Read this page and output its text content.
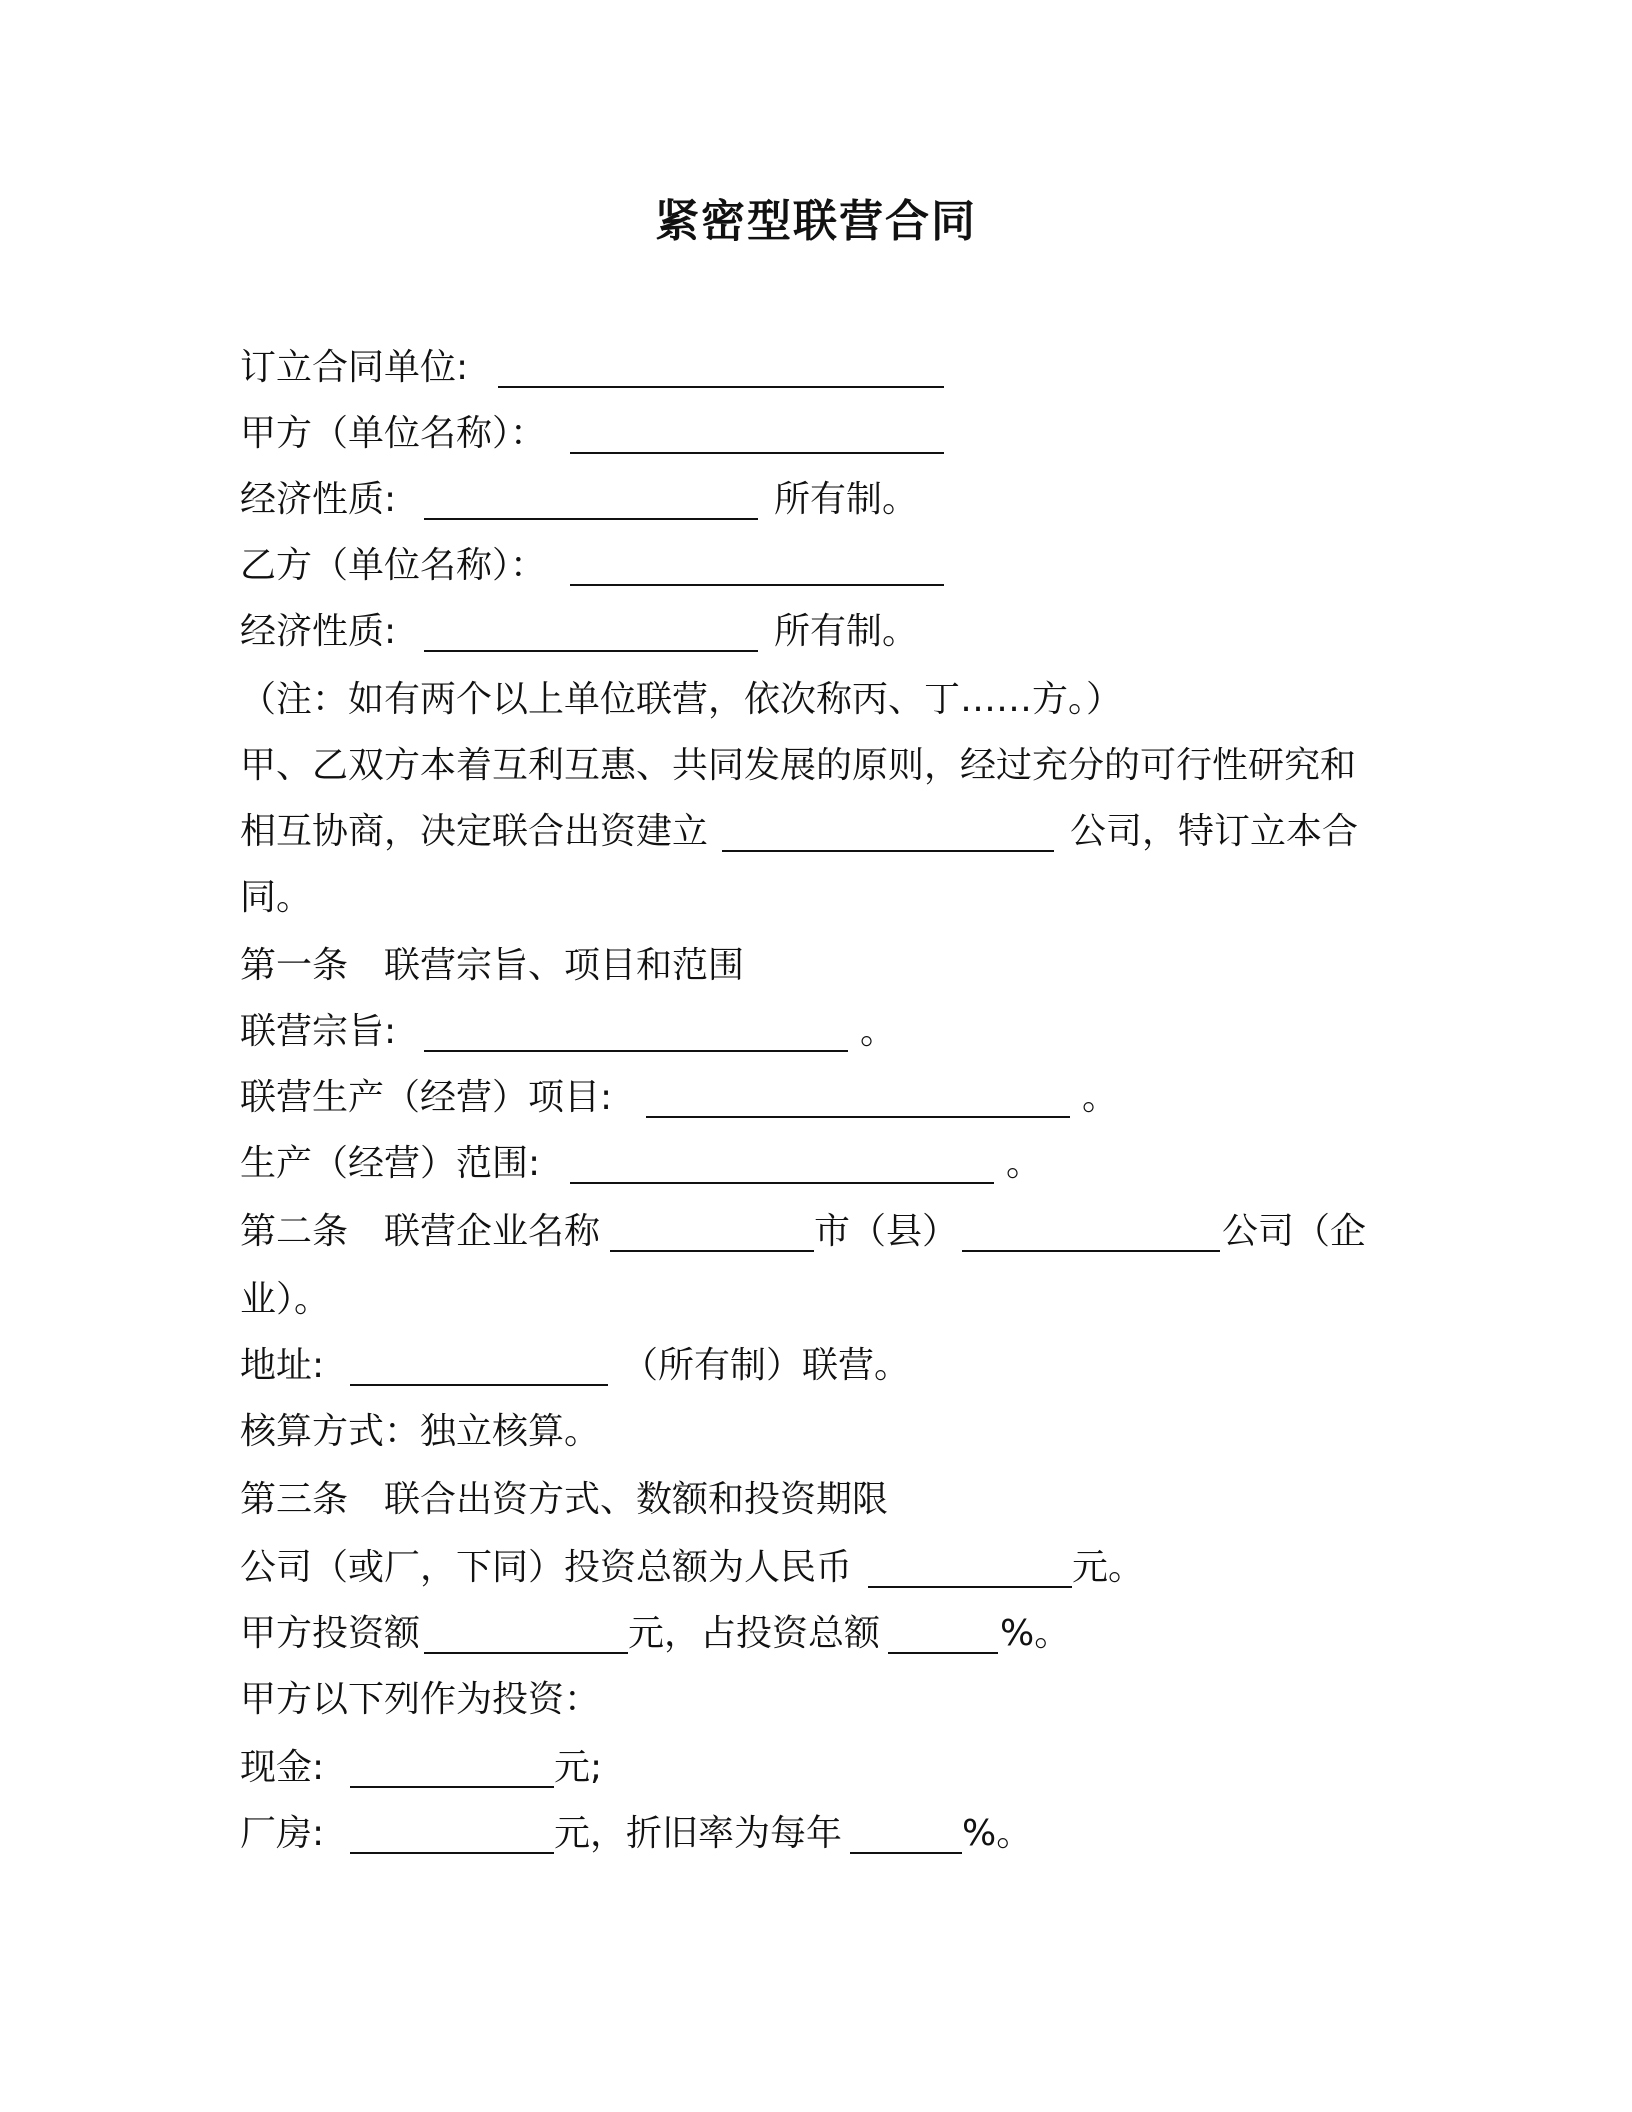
紧密型联营合同
订立合同单位:
甲方（单位名称）：
经济性质:	所有制。
乙方（单位名称）：
经济性质:	所有制。
（注：如有两个以上单位联营，依次称丙、丁……方。）
甲、乙双方本着互利互惠、共同发展的原则，经过充分的可行性研究和
相互协商，决定联合出资建立	公司，特订立本合
同。
第一条　联营宗旨、项目和范围
联营宗旨:	。
联营生产（经营）项目:	。
生产（经营）范围:	。
第二条　联营企业名称	市（县）	公司（企
业）。
地址:	（所有制）联营。
核算方式：独立核算。
第三条　联合出资方式、数额和投资期限
公司（或厂，下同）投资总额为人民币	元。
甲方投资额	元，占投资总额	%。
甲方以下列作为投资：
现金:	元;
厂房:	元，折旧率为每年	%。
